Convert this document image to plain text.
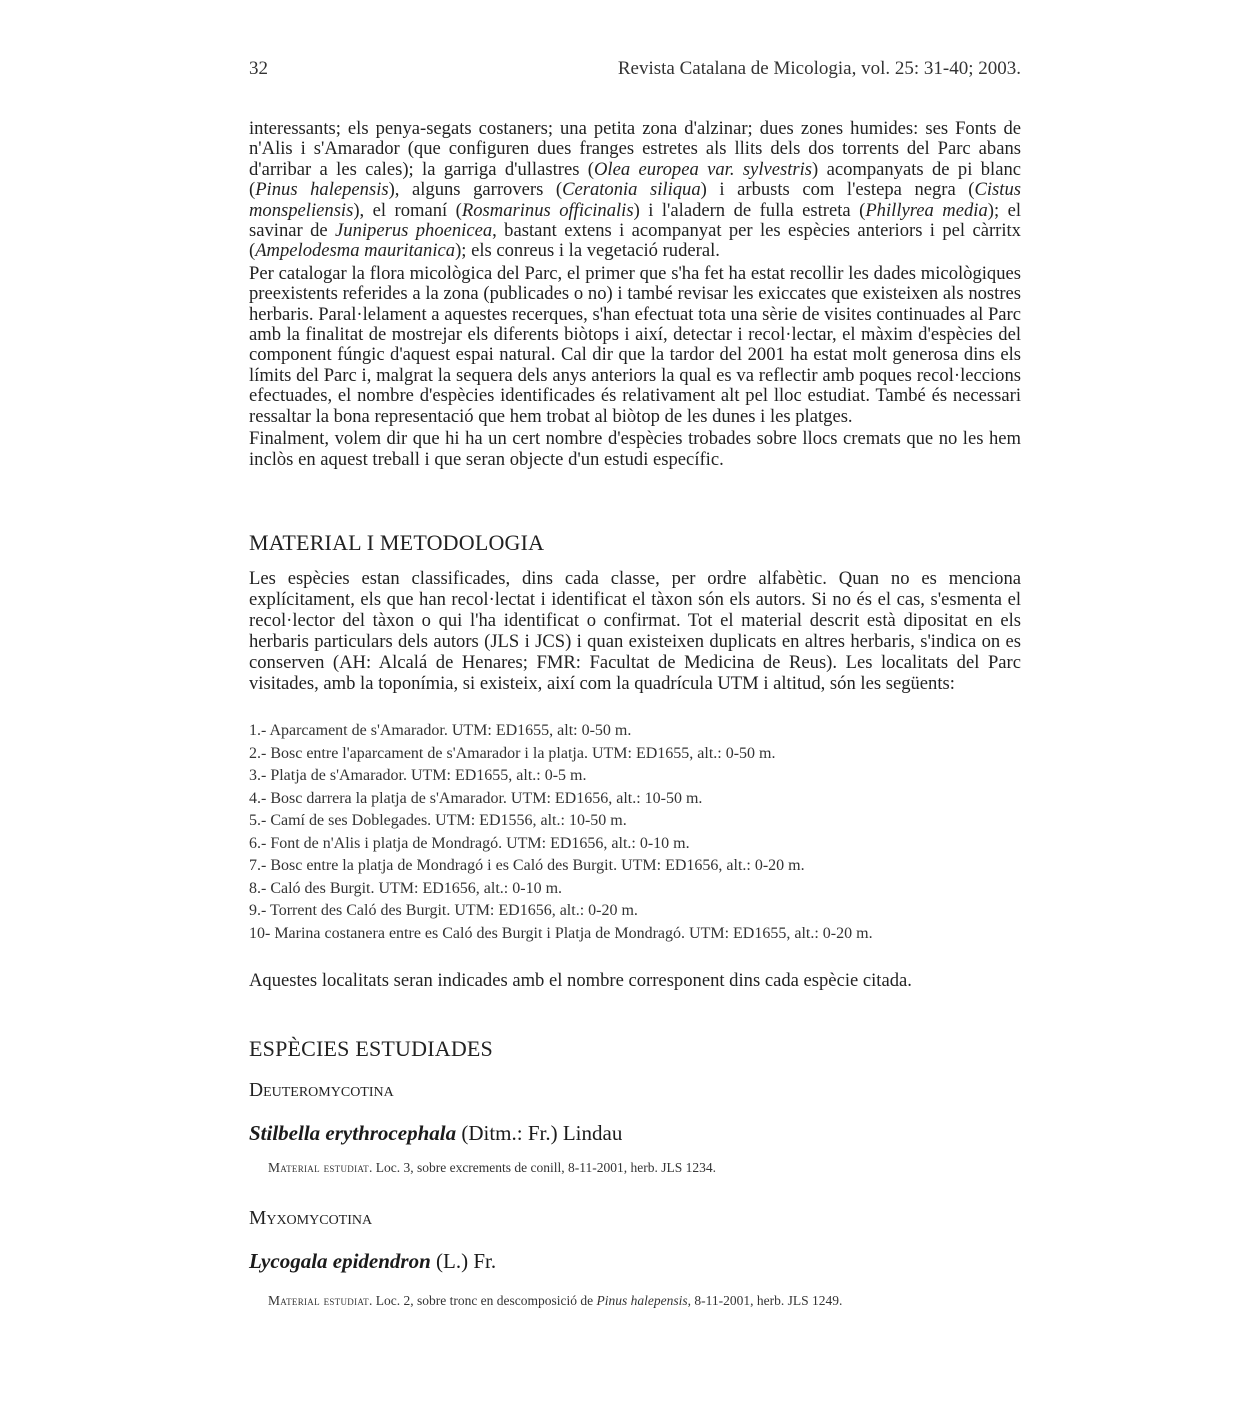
32	Revista Catalana de Micologia, vol. 25: 31-40; 2003.

interessants; els penya-segats costaners; una petita zona d'alzinar; dues zones humides: ses Fonts de n'Alis i s'Amarador (que configuren dues franges estretes als llits dels dos torrents del Parc abans d'arribar a les cales); la garriga d'ullastres (Olea europea var. sylvestris) acompanyats de pi blanc (Pinus halepensis), alguns garrovers (Ceratonia siliqua) i arbusts com l'estepa negra (Cistus monspeliensis), el romaní (Rosmarinus officinalis) i l'aladern de fulla estreta (Phillyrea media); el savinar de Juniperus phoenicea, bastant extens i acompanyat per les espècies anteriors i pel càrritx (Ampelodesma mauritanica); els conreus i la vegetació ruderal.

Per catalogar la flora micològica del Parc, el primer que s'ha fet ha estat recollir les dades micològiques preexistents referides a la zona (publicades o no) i també revisar les exiccates que existeixen als nostres herbaris. Paral·lelament a aquestes recerques, s'han efectuat tota una sèrie de visites continuades al Parc amb la finalitat de mostrejar els diferents biòtops i així, detectar i recol·lectar, el màxim d'espècies del component fúngic d'aquest espai natural. Cal dir que la tardor del 2001 ha estat molt generosa dins els límits del Parc i, malgrat la sequera dels anys anteriors la qual es va reflectir amb poques recol·leccions efectuades, el nombre d'espècies identificades és relativament alt pel lloc estudiat. També és necessari ressaltar la bona representació que hem trobat al biòtop de les dunes i les platges.

Finalment, volem dir que hi ha un cert nombre d'espècies trobades sobre llocs cremats que no les hem inclòs en aquest treball i que seran objecte d'un estudi específic.

MATERIAL I METODOLOGIA

Les espècies estan classificades, dins cada classe, per ordre alfabètic. Quan no es menciona explícitament, els que han recol·lectat i identificat el tàxon són els autors. Si no és el cas, s'esmenta el recol·lector del tàxon o qui l'ha identificat o confirmat. Tot el material descrit està dipositat en els herbaris particulars dels autors (JLS i JCS) i quan existeixen duplicats en altres herbaris, s'indica on es conserven (AH: Alcalá de Henares; FMR: Facultat de Medicina de Reus). Les localitats del Parc visitades, amb la toponímia, si existeix, així com la quadrícula UTM i altitud, són les següents:

1.- Aparcament de s'Amarador. UTM: ED1655, alt: 0-50 m.
2.- Bosc entre l'aparcament de s'Amarador i la platja. UTM: ED1655, alt.: 0-50 m.
3.- Platja de s'Amarador. UTM: ED1655, alt.: 0-5 m.
4.- Bosc darrera la platja de s'Amarador. UTM: ED1656, alt.: 10-50 m.
5.- Camí de ses Doblegades. UTM: ED1556, alt.: 10-50 m.
6.- Font de n'Alis i platja de Mondragó. UTM: ED1656, alt.: 0-10 m.
7.- Bosc entre la platja de Mondragó i es Caló des Burgit. UTM: ED1656, alt.: 0-20 m.
8.- Caló des Burgit. UTM: ED1656, alt.: 0-10 m.
9.- Torrent des Caló des Burgit. UTM: ED1656, alt.: 0-20 m.
10- Marina costanera entre es Caló des Burgit i Platja de Mondragó. UTM: ED1655, alt.: 0-20 m.
Aquestes localitats seran indicades amb el nombre corresponent dins cada espècie citada.
ESPÈCIES ESTUDIADES
Deuteromycotina
Stilbella erythrocephala (Ditm.: Fr.) Lindau
Material estudiat. Loc. 3, sobre excrements de conill, 8-11-2001, herb. JLS 1234.
Myxomycotina
Lycogala epidendron (L.) Fr.
Material estudiat. Loc. 2, sobre tronc en descomposició de Pinus halepensis, 8-11-2001, herb. JLS 1249.
